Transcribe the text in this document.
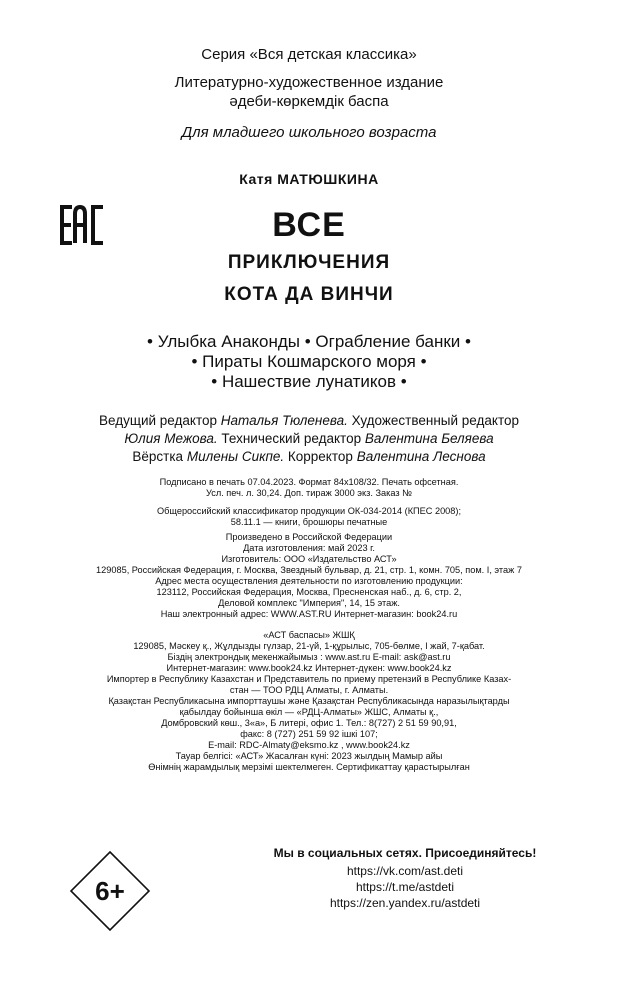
Серия «Вся детская классика»
Литературно-художественное издание
әдеби-көркемдік баспа
Для младшего школьного возраста
Катя МАТЮШКИНА
ВСЕ
ПРИКЛЮЧЕНИЯ
КОТА ДА ВИНЧИ
• Улыбка Анаконды • Ограбление банки •
• Пираты Кошмарского моря •
• Нашествие лунатиков •
Ведущий редактор Наталья Тюленева. Художественный редактор
Юлия Межова. Технический редактор Валентина Беляева
Вёрстка Милены Сикпе. Корректор Валентина Леснова
Подписано в печать 07.04.2023. Формат 84х108/32. Печать офсетная.
Усл. печ. л. 30,24. Доп. тираж 3000 экз. Заказ №
Общероссийский классификатор продукции ОК-034-2014 (КПЕС 2008);
58.11.1 — книги, брошюры печатные
Произведено в Российской Федерации
Дата изготовления: май 2023 г.
Изготовитель: ООО «Издательство АСТ»
129085, Российская Федерация, г. Москва, Звездный бульвар, д. 21, стр. 1, комн. 705, пом. I, этаж 7
Адрес места осуществления деятельности по изготовлению продукции:
123112, Российская Федерация, Москва, Пресненская наб., д. 6, стр. 2,
Деловой комплекс "Империя", 14, 15 этаж.
Наш электронный адрес: WWW.AST.RU Интернет-магазин: book24.ru
«АСТ баспасы» ЖШҚ
129085, Мәскеу қ., Жұлдызды гүлзар, 21-үй, 1-құрылыс, 705-бөлме, I жай, 7-қабат.
Біздің электрондық мекенжайымыз : www.ast.ru E-mail: ask@ast.ru
Интернет-магазин: www.book24.kz Интернет-дүкен: www.book24.kz
Импортер в Республику Казахстан и Представитель по приему претензий в Республике Казах-
стан — ТОО РДЦ Алматы, г. Алматы.
Қазақстан Республикасына импорттаушы және Қазақстан Республикасында наразылықтарды
қабылдау бойынша өкіл — «РДЦ-Алматы» ЖШС, Алматы қ.,
Домбровский көш., 3«а», Б литері, офис 1. Тел.: 8(727) 2 51 59 90,91,
факс: 8 (727) 251 59 92 ішкі 107;
E-mail: RDC-Almaty@eksmo.kz , www.book24.kz
Тауар белгісі: «АСТ» Жасалған күні: 2023 жылдың Мамыр айы
Өнімнің жарамдылық мерзімі шектелмеген. Сертификаттау қарастырылған
6+
Мы в социальных сетях. Присоединяйтесь!
https://vk.com/ast.deti
https://t.me/astdeti
https://zen.yandex.ru/astdeti
